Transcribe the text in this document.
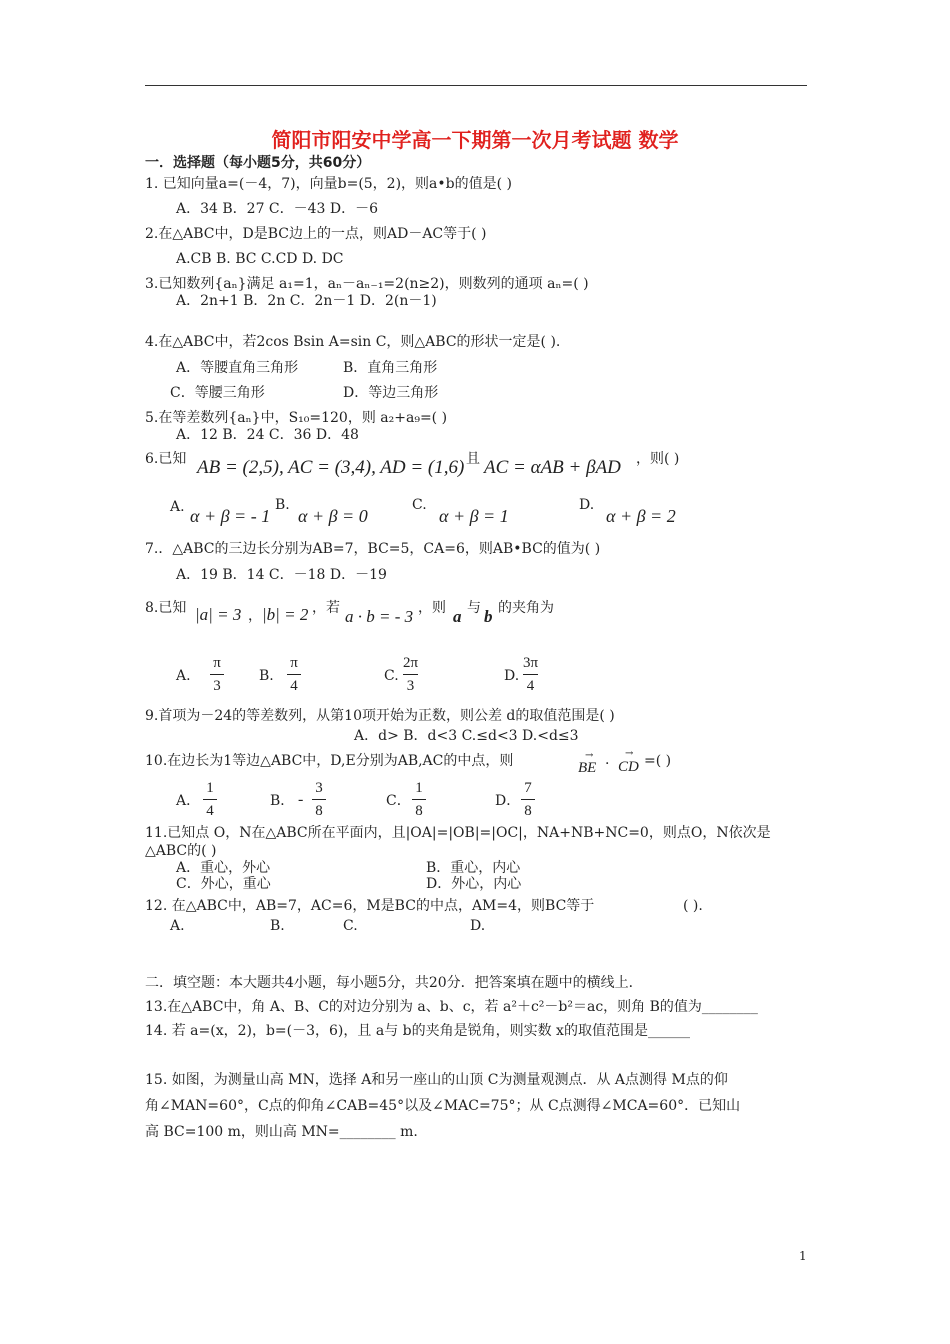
简阳市阳安中学高一下期第一次月考试题 数学
一．选择题（每小题5分，共60分）
1. 已知向量a=(－4，7)，向量b=(5，2)，则a•b的值是( )
A．34 B．27 C．－43 D．－6
2.在△ABC中，D是BC边上的一点，则AD－AC等于( )
A.CB B. BC C.CD D. DC
3.已知数列{aₙ}满足 a₁=1，aₙ－aₙ₋₁=2(n≥2)，则数列的通项 aₙ=( )
A．2n+1 B．2n C．2n－1 D．2(n－1)
4.在△ABC中，若2cos Bsin A=sin C，则△ABC的形状一定是( ).
A．等腰直角三角形	B．直角三角形
C．等腰三角形	D．等边三角形
5.在等差数列{aₙ}中，S₁₀=120，则 a₂+a₉=( )
A．12 B．24 C．36 D．48
6.已知 AB = (2,5), AC = (3,4), AD = (1,6) 且 AC = αAB + βAD ，则( )
A. α + β = - 1
B.
α + β = 0
C.
α + β = 1
D.
α + β = 2
7.．△ABC的三边长分别为AB=7，BC=5，CA=6，则AB•BC的值为( )
A．19 B．14 C．－18 D．－19
8.已知 |a| = 3 ， |b| = 2 ，若 a · b = - 3 ，则 a 与 b 的夹角为
A.
π
3
B.
π
4
C.
2π
3
D.
3π
4
9.首项为－24的等差数列，从第10项开始为正数，则公差 d的取值范围是( )
A．d> B．d<3 C.≤d<3 D.<d≤3
10.在边长为1等边△ABC中，D,E分别为AB,AC的中点，则	→
BE ·
→
CD =( )
A．
1
4
B． -
3
8
C．
1
8
D．
7
8
11.已知点 O，N在△ABC所在平面内，且|OA|=|OB|=|OC|，NA+NB+NC=0，则点O，N依次是
△ABC的( )
A．重心，外心	B．重心，内心
C．外心，重心	D．外心，内心
12. 在△ABC中，AB=7，AC=6，M是BC的中点，AM=4，则BC等于	( ).
A.	B.	C.	D.
二．填空题：本大题共4小题，每小题5分，共20分．把答案填在题中的横线上．
13.在△ABC中，角 A、B、C的对边分别为 a、b、c，若 a²＋c²－b²＝ac，则角 B的值为________
14. 若 a=(x，2)，b=(－3，6)，且 a与 b的夹角是锐角，则实数 x的取值范围是______
15. 如图，为测量山高 MN，选择 A和另一座山的山顶 C为测量观测点．从 A点测得 M点的仰
角∠MAN=60°，C点的仰角∠CAB=45°以及∠MAC=75°；从 C点测得∠MCA=60°．已知山
高 BC=100 m，则山高 MN=________ m.
1
